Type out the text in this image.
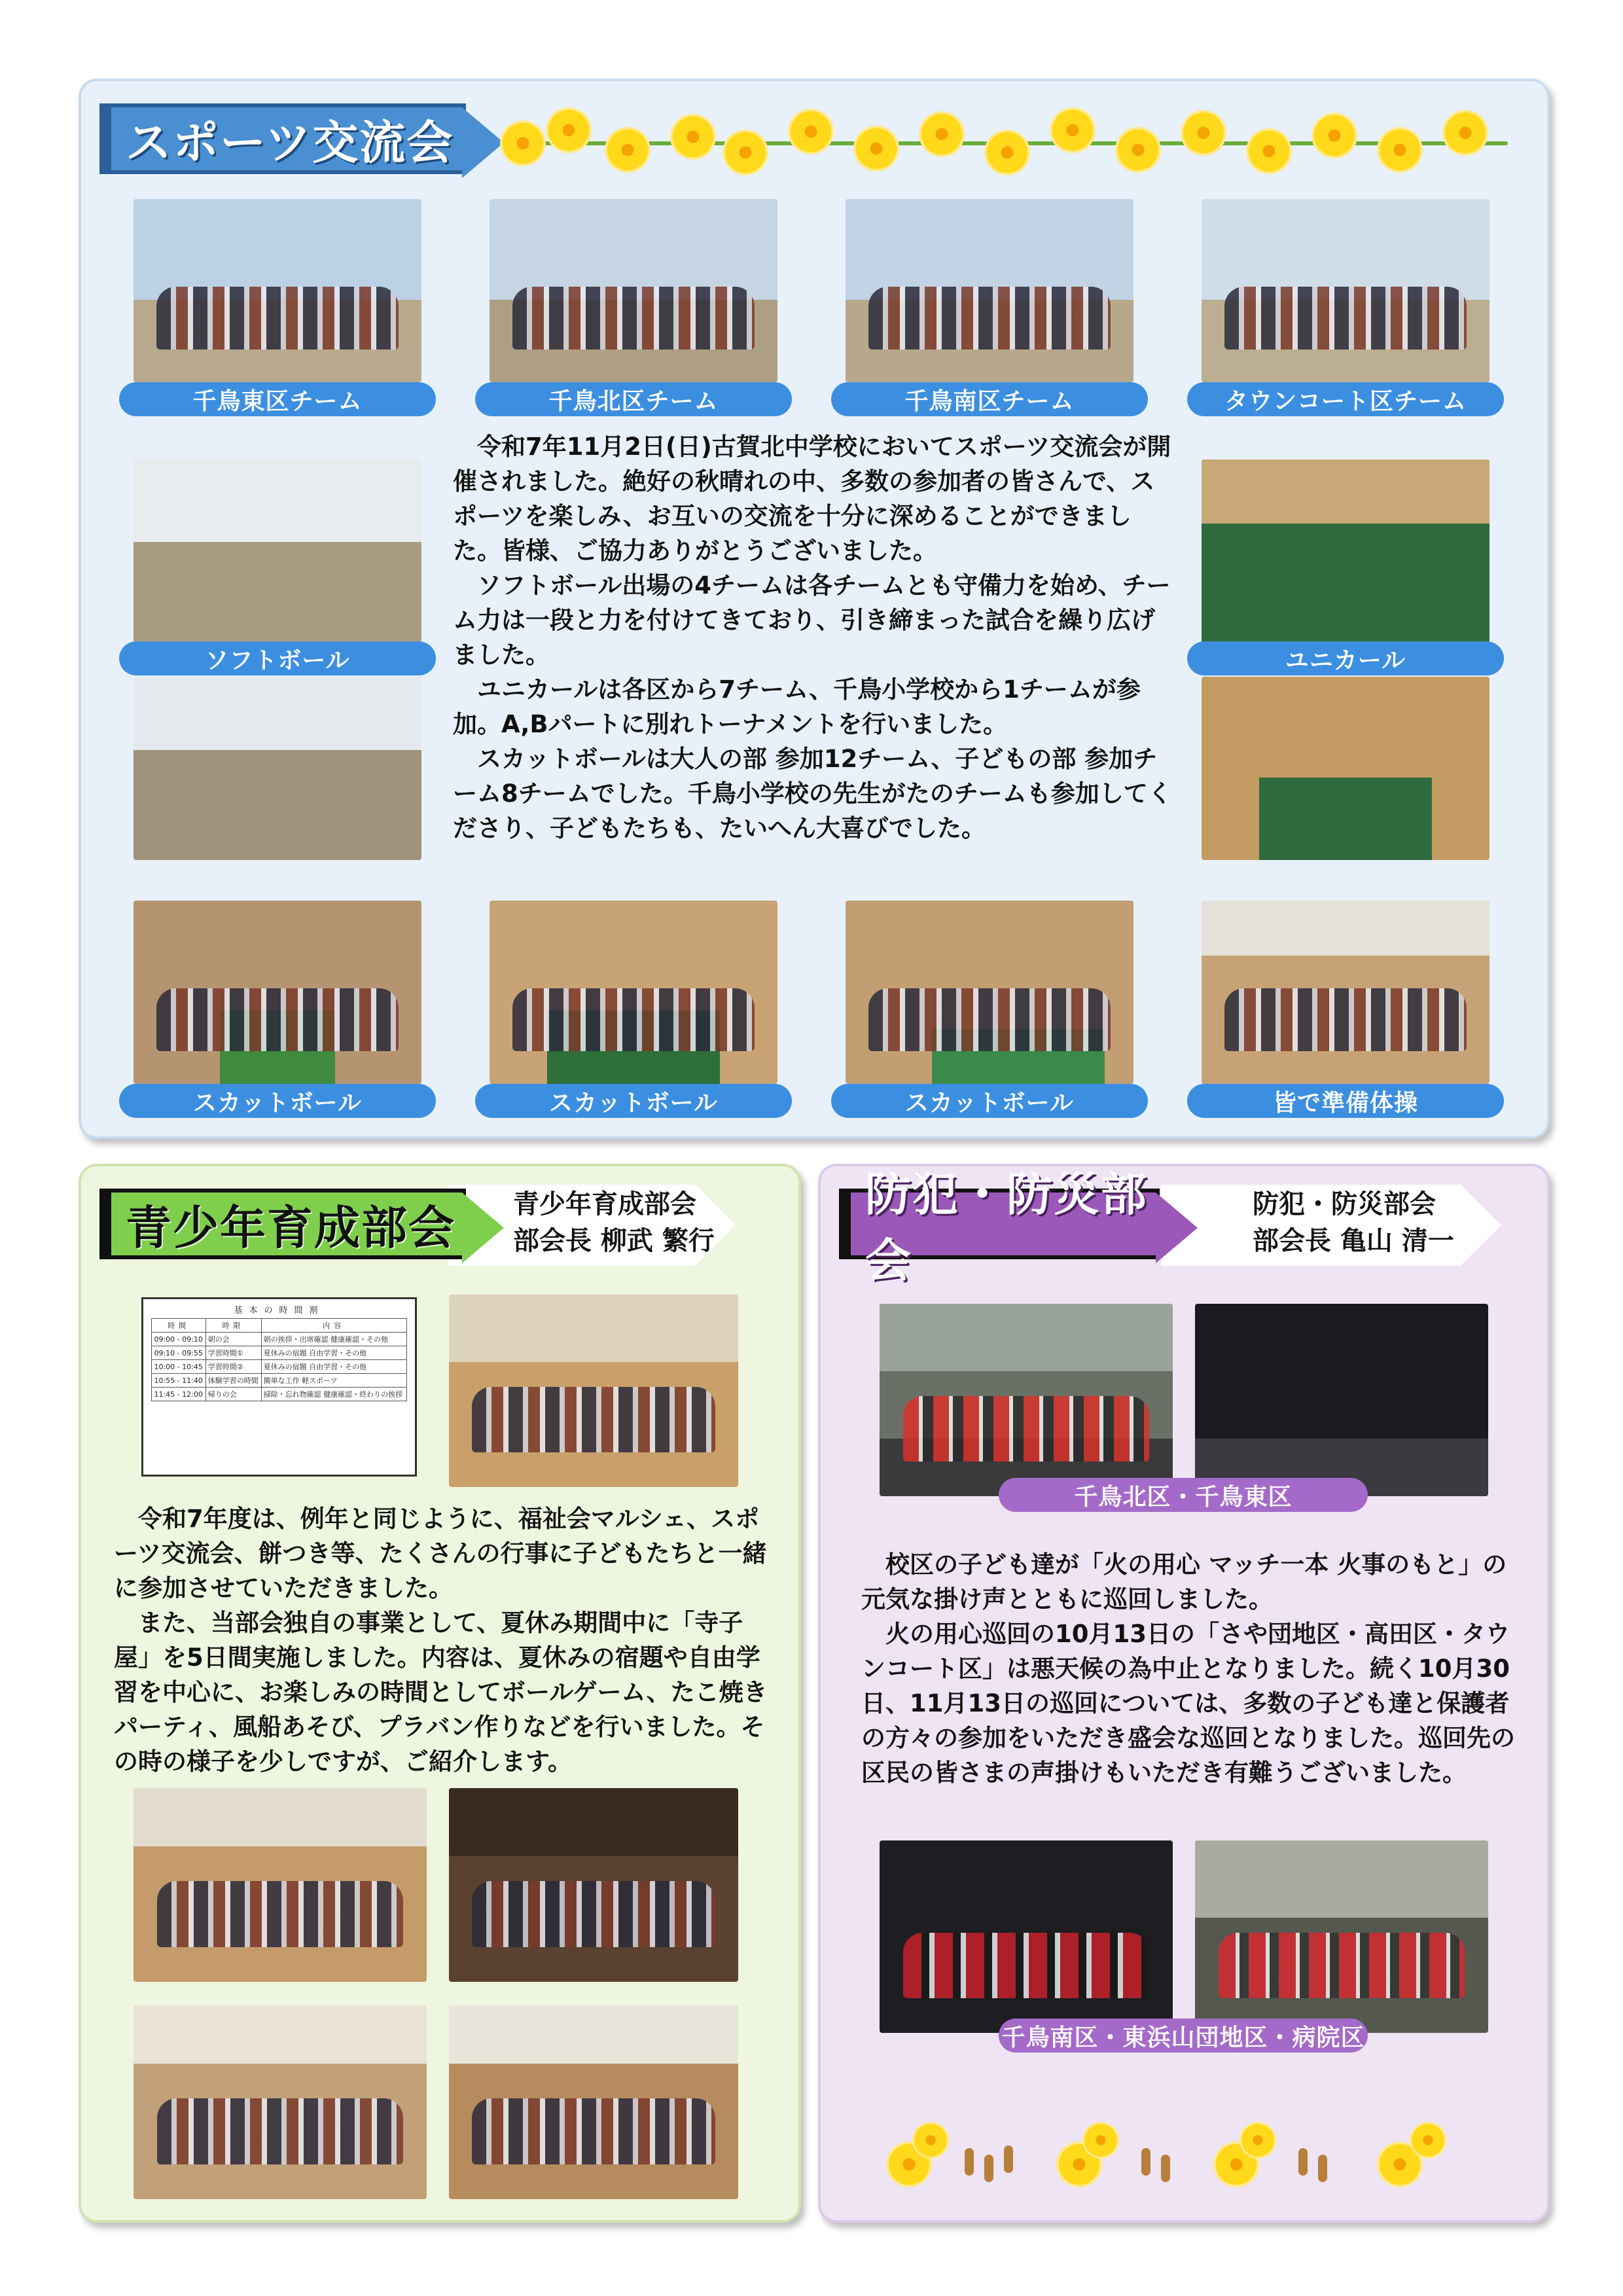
スポーツ交流会
千鳥東区チーム	千鳥北区チーム	千鳥南区チーム	タウンコート区チーム
ソフトボール	ユニカール

令和7年11月2日(日)古賀北中学校においてスポーツ交流会が開催されました。絶好の秋晴れの中、多数の参加者の皆さんで、スポーツを楽しみ、お互いの交流を十分に深めることができました。皆様、ご協力ありがとうございました。

ソフトボール出場の4チームは各チームとも守備力を始め、チーム力は一段と力を付けてきており、引き締まった試合を繰り広げました。

ユニカールは各区から7チーム、千鳥小学校から1チームが参加。A,Bパートに別れトーナメントを行いました。

スカットボールは大人の部 参加12チーム、子どもの部 参加チーム8チームでした。千鳥小学校の先生がたのチームも参加してくださり、子どもたちも、たいへん大喜びでした。

スカットボール	スカットボール	スカットボール	皆で準備体操
青少年育成部会 青少年育成部会
部会長 柳武 繁行
基本の時間割
時間	時限	内容
09:00 - 09:10	朝の会	朝の挨拶・出席確認 健康確認・その他
09:10 - 09:55	学習時間①	夏休みの宿題 自由学習・その他
10:00 - 10:45	学習時間②	夏休みの宿題 自由学習・その他
10:55 - 11:40	体験学習の時間	簡単な工作 軽スポーツ
11:45 - 12:00	帰りの会	掃除・忘れ物確認 健康確認・終わりの挨拶

令和7年度は、例年と同じように、福祉会マルシェ、スポーツ交流会、餅つき等、たくさんの行事に子どもたちと一緒に参加させていただきました。

また、当部会独自の事業として、夏休み期間中に「寺子屋」を5日間実施しました。内容は、夏休みの宿題や自由学習を中心に、お楽しみの時間としてボールゲーム、たこ焼きパーティ、風船あそび、プラバン作りなどを行いました。その時の様子を少しですが、ご紹介します。

防犯・防災部会
防犯・防災部会
部会長 亀山 清一
千鳥北区・千鳥東区

校区の子ども達が「火の用心 マッチ一本 火事のもと」の元気な掛け声とともに巡回しました。

火の用心巡回の10月13日の「さや団地区・高田区・タウンコート区」は悪天候の為中止となりました。続く10月30日、11月13日の巡回については、多数の子ども達と保護者の方々の参加をいただき盛会な巡回となりました。巡回先の区民の皆さまの声掛けもいただき有難うございました。

千鳥南区・東浜山団地区・病院区
